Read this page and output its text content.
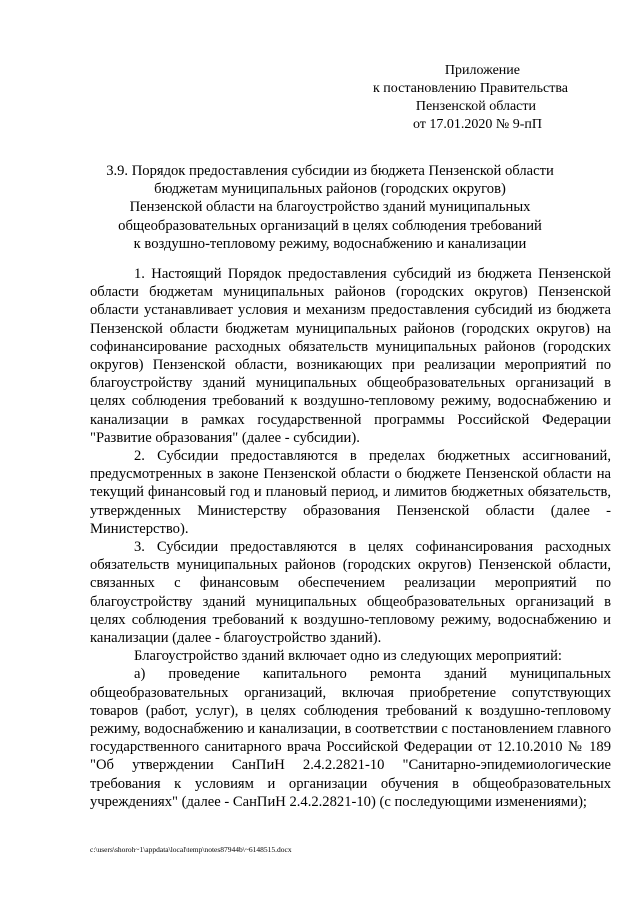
Приложение
к постановлению Правительства
Пензенской области
от 17.01.2020 № 9-пП
3.9. Порядок предоставления субсидии из бюджета Пензенской области
бюджетам муниципальных районов (городских округов)
Пензенской области на благоустройство зданий муниципальных
общеобразовательных организаций в целях соблюдения требований
к воздушно-тепловому режиму, водоснабжению и канализации

1. Настоящий Порядок предоставления субсидий из бюджета Пензенской области бюджетам муниципальных районов (городских округов) Пензенской области устанавливает условия и механизм предоставления субсидий из бюджета Пензенской области бюджетам муниципальных районов (городских округов) на софинансирование расходных обязательств муниципальных районов (городских округов) Пензенской области, возникающих при реализации мероприятий по благоустройству зданий муниципальных общеобразовательных организаций в целях соблюдения требований к воздушно-тепловому режиму, водоснабжению и канализации в рамках государственной программы Российской Федерации "Развитие образования" (далее - субсидии).

2. Субсидии предоставляются в пределах бюджетных ассигнований, предусмотренных в законе Пензенской области о бюджете Пензенской области на текущий финансовый год и плановый период, и лимитов бюджетных обязательств, утвержденных Министерству образования Пензенской области (далее - Министерство).

3. Субсидии предоставляются в целях софинансирования расходных обязательств муниципальных районов (городских округов) Пензенской области, связанных с финансовым обеспечением реализации мероприятий по благоустройству зданий муниципальных общеобразовательных организаций в целях соблюдения требований к воздушно-тепловому режиму, водоснабжению и канализации (далее - благоустройство зданий).

Благоустройство зданий включает одно из следующих мероприятий:

а) проведение капитального ремонта зданий муниципальных общеобразовательных организаций, включая приобретение сопутствующих товаров (работ, услуг), в целях соблюдения требований к воздушно-тепловому режиму, водоснабжению и канализации, в соответствии с постановлением главного государственного санитарного врача Российской Федерации от 12.10.2010 № 189 "Об утверждении СанПиН 2.4.2.2821-10 "Санитарно-эпидемиологические требования к условиям и организации обучения в общеобразовательных учреждениях" (далее - СанПиН 2.4.2.2821-10) (с последующими изменениями);

c:\users\shoroh~1\appdata\local\temp\notes87944b\~6148515.docx
